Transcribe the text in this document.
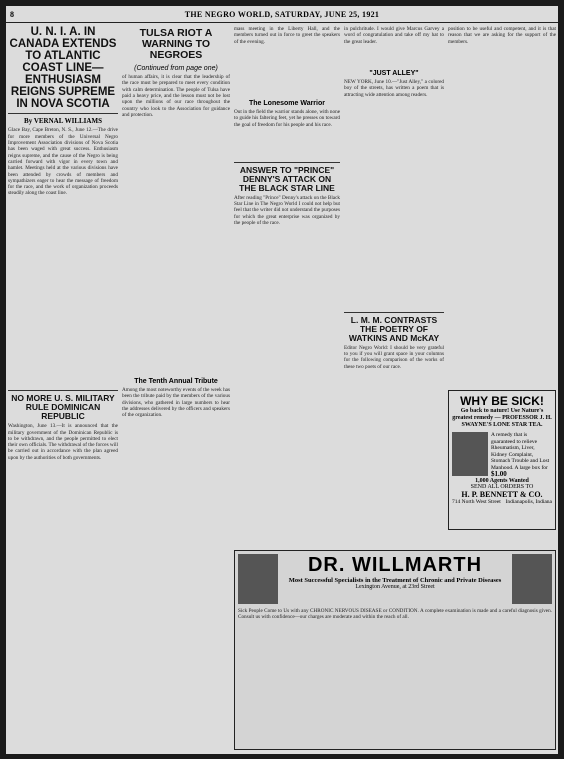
8	THE NEGRO WORLD, SATURDAY, JUNE 25, 1921
U. N. I. A. IN CANADA EXTENDS TO ATLANTIC COAST LINE—ENTHUSIASM REIGNS SUPREME IN NOVA SCOTIA
By VERNAL WILLIAMS
Glace Bay, Cape Breton, N. S., June 12.—The drive for more members of the Universal Negro Improvement Association divisions of Nova Scotia has been waged with great success. Enthusiasm reigns supreme, and the cause of the Negro is being carried forward with vigor in every town and hamlet. Meetings held at the various divisions have been attended by crowds of members and sympathizers eager to hear the message of freedom for the race, and the work of organization proceeds steadily along the coast line.
NO MORE U. S. MILITARY RULE DOMINICAN REPUBLIC
Washington, June 13.—It is announced that the military government of the Dominican Republic is to be withdrawn, and the people permitted to elect their own officials. The withdrawal of the forces will be carried out in accordance with the plan agreed upon by the authorities of both governments.
TULSA RIOT A WARNING TO NEGROES
(Continued from page one)
of human affairs, it is clear that the leadership of the race must be prepared to meet every condition with calm determination. The people of Tulsa have paid a heavy price, and the lesson must not be lost upon the millions of our race throughout the country who look to the Association for guidance and protection.
The Tenth Annual Tribute
Among the most noteworthy events of the week has been the tribute paid by the members of the various divisions, who gathered in large numbers to hear the addresses delivered by the officers and speakers of the organization.
mass meeting in the Liberty Hall, and the members turned out in force to greet the speakers of the evening.
The Lonesome Warrior
Out in the field the warrior stands alone, with none to guide his faltering feet, yet he presses on toward the goal of freedom for his people and his race.
ANSWER TO "PRINCE" DENNY'S ATTACK ON THE BLACK STAR LINE
After reading "Prince" Denny's attack on the Black Star Line in The Negro World I could not help but feel that the writer did not understand the purposes for which the great enterprise was organized by the people of the race.
in pulchritude. I would give Marcus Garvey a word of congratulation and take off my hat to the great leader.
"JUST ALLEY"
NEW YORK, June 10.—"Just Alley," a colored boy of the streets, has written a poem that is attracting wide attention among readers.
L. M. M. CONTRASTS THE POETRY OF WATKINS AND McKAY
Editor Negro World: I should be very grateful to you if you will grant space in your columns for the following comparison of the works of these two poets of our race.
position to be useful and competent, and it is that reason that we are asking for the support of the members.
WHY BE SICK!
Go back to nature! Use Nature's greatest remedy — PROFESSOR J. H. SWAYNE'S LONE STAR TEA.
A remedy that is guaranteed to relieve Rheumatism, Liver, Kidney Complaint, Stomach Trouble and Lost Manhood. A large box for
$1.00
1,000 Agents Wanted
SEND ALL ORDERS TO
H. P. BENNETT & CO.
714 North West Street Indianapolis, Indiana
DR. WILLMARTH
Most Successful Specialists in the Treatment of Chronic and Private Diseases
Lexington Avenue, at 23rd Street
Sick People Come to Us with any CHRONIC NERVOUS DISEASE or CONDITION. A complete examination is made and a careful diagnosis given. Consult us with confidence—our charges are moderate and within the reach of all.
